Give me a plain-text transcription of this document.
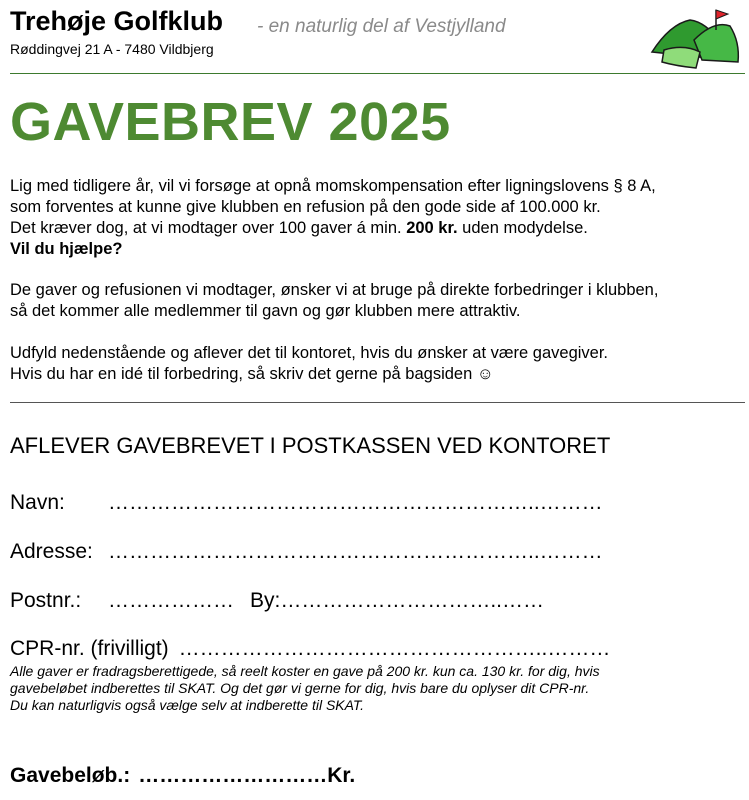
Trehøje Golfklub - en naturlig del af Vestjylland
Røddingvej 21 A - 7480 Vildbjerg
GAVEBREV 2025
Lig med tidligere år, vil vi forsøge at opnå momskompensation efter ligningslovens § 8 A,
som forventes at kunne give klubben en refusion på den gode side af 100.000 kr.
Det kræver dog, at vi modtager over 100 gaver á min. 200 kr. uden modydelse.
Vil du hjælpe?
De gaver og refusionen vi modtager, ønsker vi at bruge på direkte forbedringer i klubben,
så det kommer alle medlemmer til gavn og gør klubben mere attraktiv.
Udfyld nedenstående og aflever det til kontoret, hvis du ønsker at være gavegiver.
Hvis du har en idé til forbedring, så skriv det gerne på bagsiden ☺
AFLEVER GAVEBREVET I POSTKASSEN VED KONTORET
Navn: ……………………………………………………..………
Adresse: ……………………………………………………..………
Postnr.: ……………… By:…………………………..……
CPR-nr. (frivilligt) ……………………………………………..………
Alle gaver er fradragsberettigede, så reelt koster en gave på 200 kr. kun ca. 130 kr. for dig, hvis
gavebeløbet indberettes til SKAT. Og det gør vi gerne for dig, hvis bare du oplyser dit CPR-nr.
Du kan naturligvis også vælge selv at indberette til SKAT.
Gavebeløb.: ………………………Kr.
